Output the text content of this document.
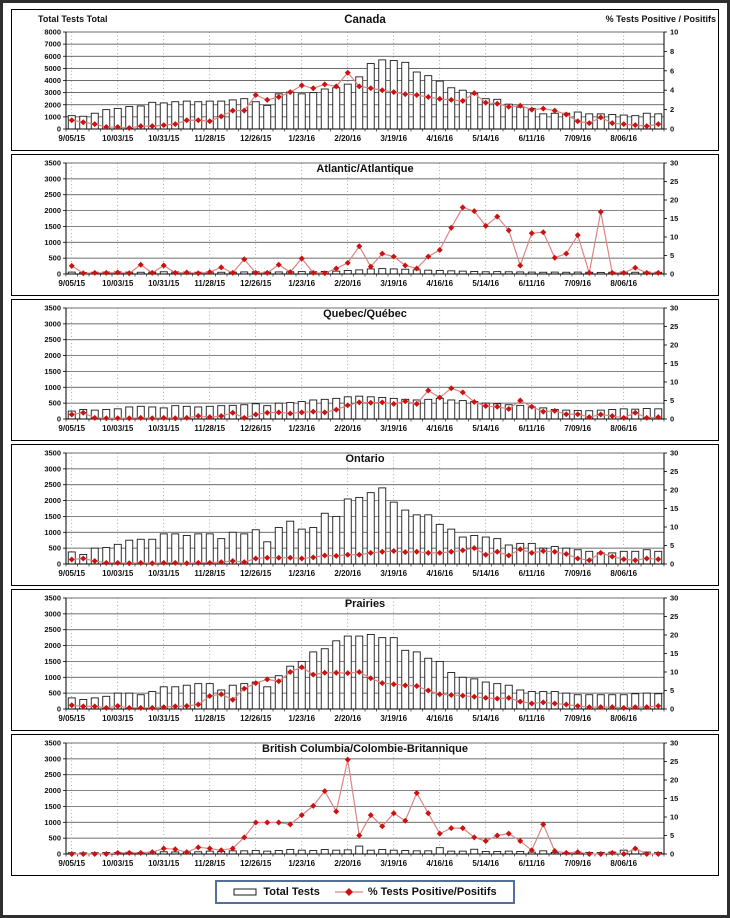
0
1000
2000
3000
4000
5000
6000
7000
8000
0
2
4
6
8
10
9/05/15 10/03/15 10/31/15 11/28/15 12/26/15 1/23/16 2/20/16 3/19/16 4/16/16 5/14/16 6/11/16 7/09/16 8/06/16
Total Tests Total	Canada	% Tests Positive / Positifs
0
500
1000
1500
2000
2500
3000
3500
0
5
10
15
20
25
30
9/05/15 10/03/15 10/31/15 11/28/15 12/26/15 1/23/16 2/20/16 3/19/16 4/16/16 5/14/16 6/11/16 7/09/16 8/06/16
Atlantic/Atlantique
0
500
1000
1500
2000
2500
3000
3500
0
5
10
15
20
25
30
9/05/15 10/03/15 10/31/15 11/28/15 12/26/15 1/23/16 2/20/16 3/19/16 4/16/16 5/14/16 6/11/16 7/09/16 8/06/16
Quebec/Québec
0
500
1000
1500
2000
2500
3000
3500
0
5
10
15
20
25
30
9/05/15 10/03/15 10/31/15 11/28/15 12/26/15 1/23/16 2/20/16 3/19/16 4/16/16 5/14/16 6/11/16 7/09/16 8/06/16
Ontario
0
500
1000
1500
2000
2500
3000
3500
0
5
10
15
20
25
30
9/05/15 10/03/15 10/31/15 11/28/15 12/26/15 1/23/16 2/20/16 3/19/16 4/16/16 5/14/16 6/11/16 7/09/16 8/06/16
Prairies
0
500
1000
1500
2000
2500
3000
3500
0
5
10
15
20
25
30
9/05/15 10/03/15 10/31/15 11/28/15 12/26/15 1/23/16 2/20/16 3/19/16 4/16/16 5/14/16 6/11/16 7/09/16 8/06/16
British Columbia/Colombie-Britannique
Total Tests	% Tests Positive/Positifs
